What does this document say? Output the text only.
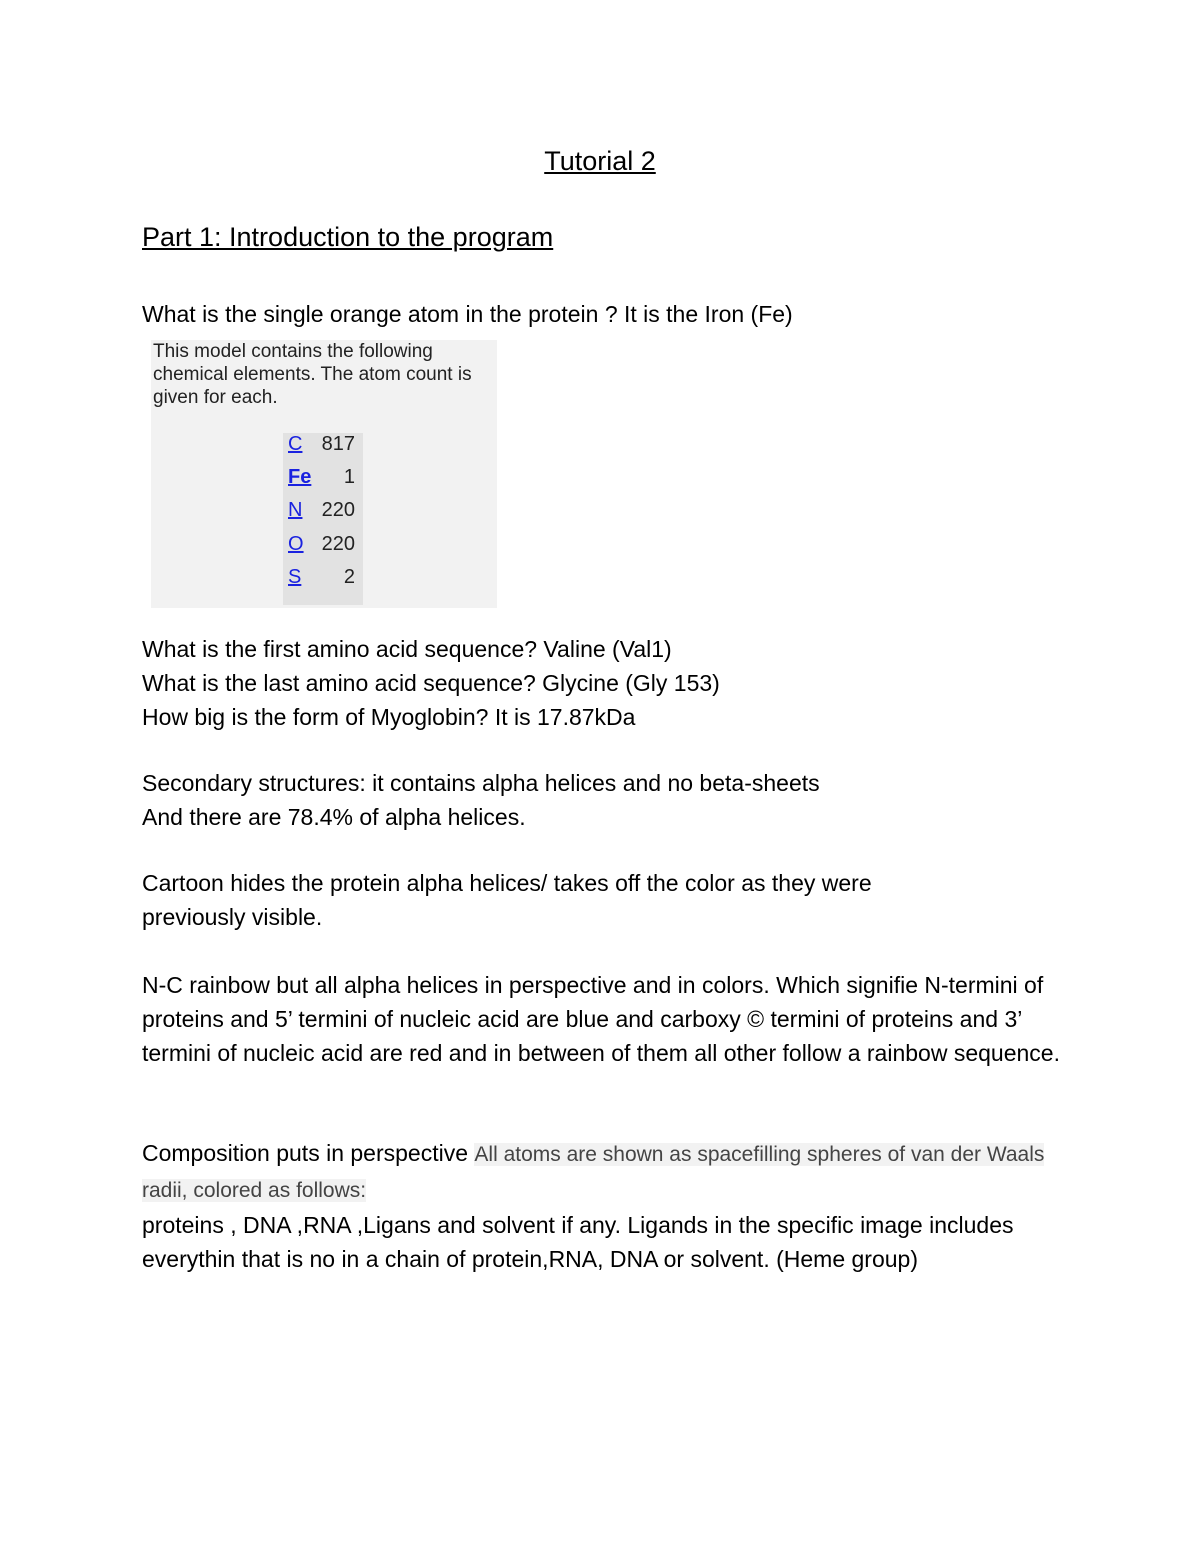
Tutorial 2
Part 1: Introduction to the program
What is the single orange atom in the protein ? It is the Iron (Fe)
This model contains the following chemical elements. The atom count is given for each.
C 817
Fe 1
N 220
O 220
S 2
What is the first amino acid sequence? Valine (Val1)
What is the last amino acid sequence? Glycine (Gly 153)
How big is the form of Myoglobin? It is 17.87kDa
Secondary structures: it contains alpha helices and no beta-sheets
And there are 78.4% of alpha helices.
Cartoon hides the protein alpha helices/ takes off the color as they were previously visible.
N-C rainbow but all alpha helices in perspective and in colors. Which signifie N-termini of proteins and 5’ termini of nucleic acid are blue and carboxy © termini of proteins and 3’ termini of nucleic acid are red and in between of them all other follow a rainbow sequence.
Composition puts in perspective All atoms are shown as spacefilling spheres of van der Waals radii, colored as follows:
proteins , DNA ,RNA ,Ligans and solvent if any. Ligands in the specific image includes everythin that is no in a chain of protein,RNA, DNA or solvent. (Heme group)
